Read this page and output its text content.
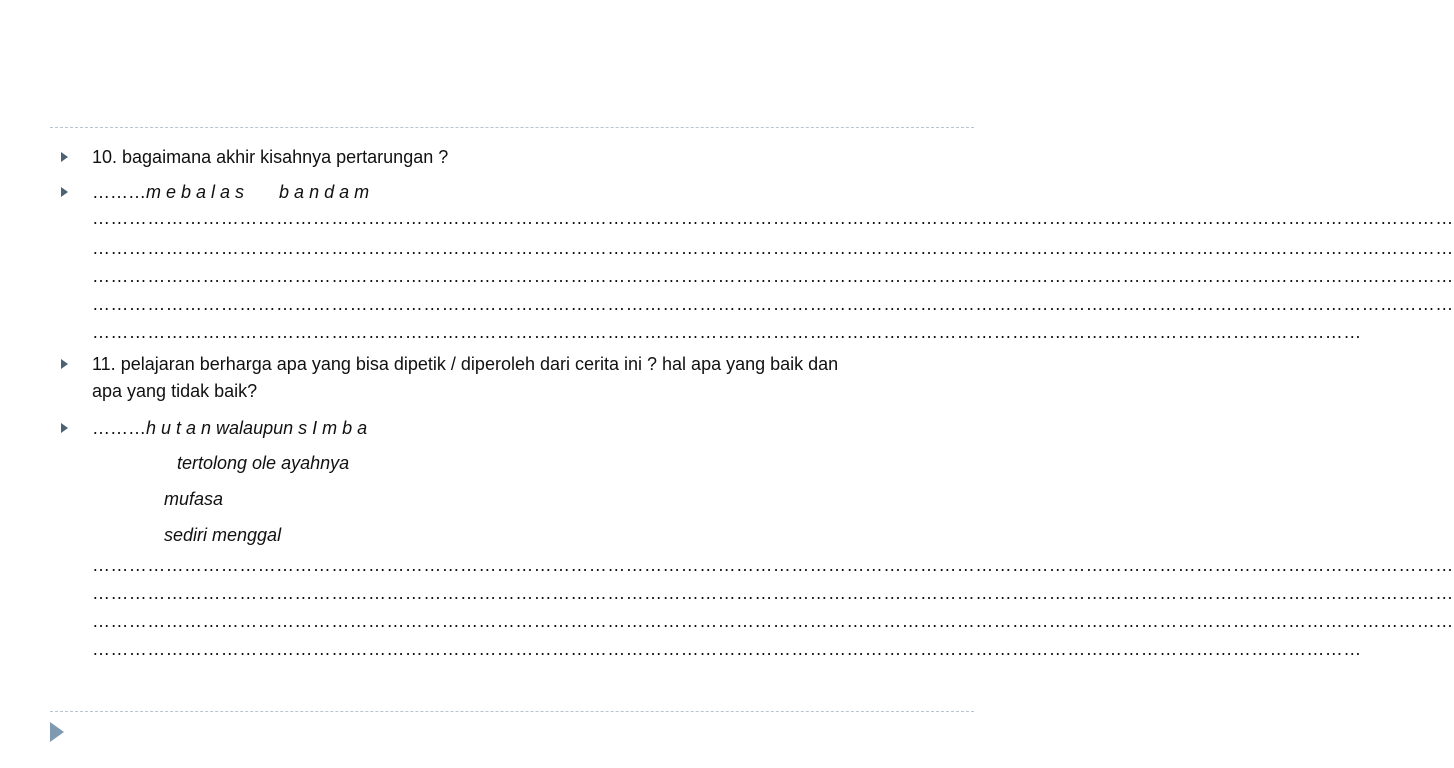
10. bagaimana akhir kisahnya pertarungan ?
………m e b a l a s       b a n d a m
……………………………………………………………………………………………………………………………………………………………………………………………………
……………………………………………………………………………………………………………………………………………………………………………………………………
……………………………………………………………………………………………………………………………………………………………………………………………………
……………………………………………………………………………………………………………………………………………………………………………………………………
………………………………………………………………………………………………………………………………………………………………………………………
11. pelajaran berharga apa yang bisa dipetik / diperoleh dari cerita ini ? hal apa yang baik dan
apa yang tidak baik?
………h u t a n walaupun s I m b a
tertolong ole ayahnya
mufasa
sediri menggal
……………………………………………………………………………………………………………………………………………………………………………………………………
……………………………………………………………………………………………………………………………………………………………………………………………………
……………………………………………………………………………………………………………………………………………………………………………………………………
………………………………………………………………………………………………………………………………………………………………………………………
